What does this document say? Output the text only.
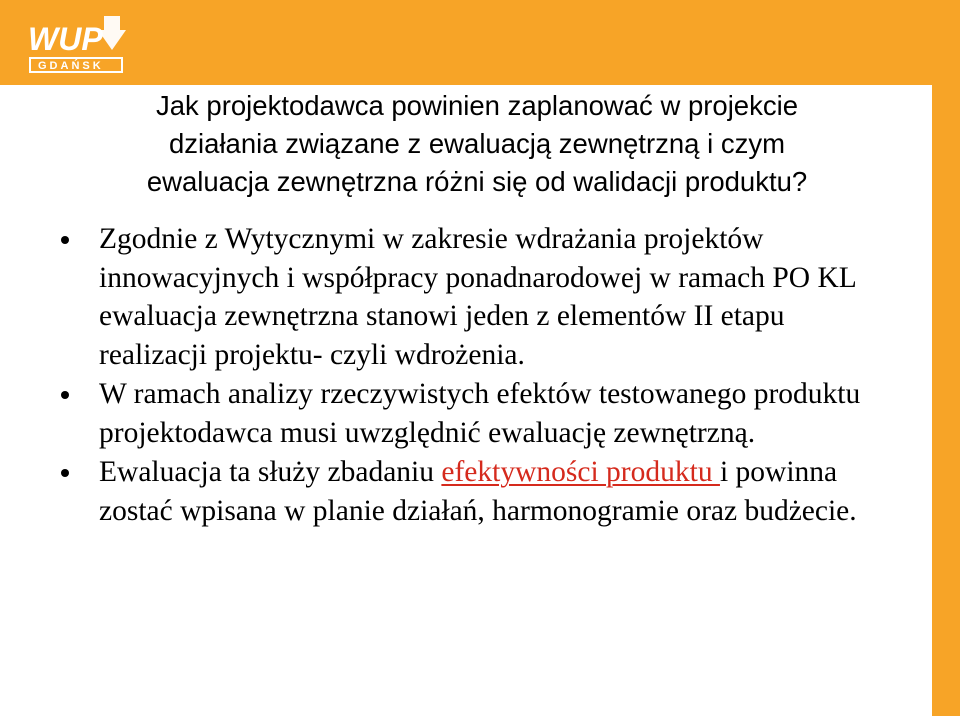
WUP
GDAŃSK
Jak projektodawca powinien zaplanować w projekcie
działania związane z ewaluacją zewnętrzną i czym
ewaluacja zewnętrzna różni się od walidacji produktu?
Zgodnie z Wytycznymi w zakresie wdrażania projektów innowacyjnych i współpracy ponadnarodowej w ramach PO KL ewaluacja zewnętrzna stanowi jeden z elementów II etapu realizacji projektu- czyli wdrożenia.
W ramach analizy rzeczywistych efektów testowanego produktu projektodawca musi uwzględnić ewaluację zewnętrzną.
Ewaluacja ta służy zbadaniu efektywności produktu i powinna zostać wpisana w planie działań, harmonogramie oraz budżecie.
